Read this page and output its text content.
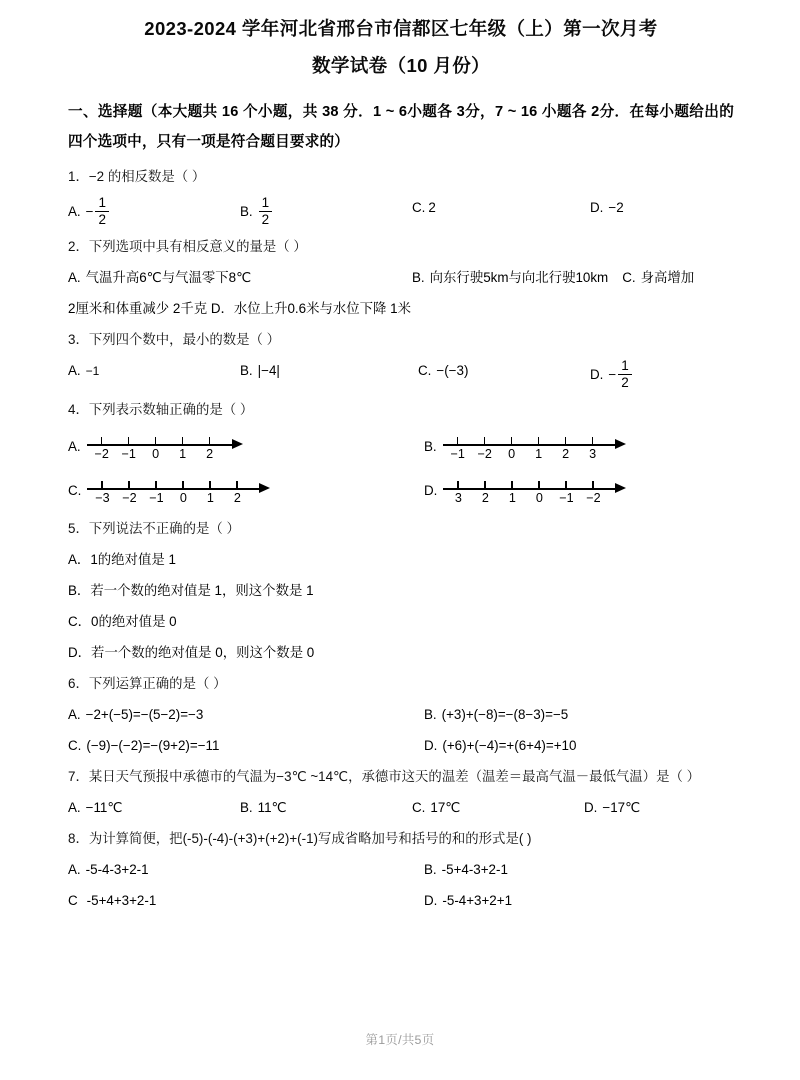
2023-2024 学年河北省邢台市信都区七年级（上）第一次月考
数学试卷（10 月份）
一、选择题（本大题共 16 个小题，共 38 分．1 ~ 6小题各 3分，7 ~ 16 小题各 2分．在每小题给出的四个选项中，只有一项是符合题目要求的）
1．−2 的相反数是（ ）
A. − $\frac{1}{2}$	B. $\frac{1}{2}$	C. 2	D. −2
2．下列选项中具有相反意义的量是（ ）
A. 气温升高6℃与气温零下8℃	B. 向东行驶5km与向北行驶10km C. 身高增加
2厘米和体重减少 2千克 D．水位上升0.6米与水位下降 1米
3．下列四个数中，最小的数是（ ）
A. −1	B. |−4|	C. −(−3)	D. − $\frac{1}{2}$
4．下列表示数轴正确的是（ ）
A. −2 −1 0 1 2	B. −1 −2 0 1 2 3
C. −3 −2 −1 0 1 2	D. 3 2 1 0 −1 −2
5．下列说法不正确的是（ ）
A．1的绝对值是 1
B．若一个数的绝对值是 1，则这个数是 1
C．0的绝对值是 0
D．若一个数的绝对值是 0，则这个数是 0
6．下列运算正确的是（ ）
A. −2+(−5)=−(5−2)=−3	B. (+3)+(−8)=−(8−3)=−5
C. (−9)−(−2)=−(9+2)=−11	D. (+6)+(−4)=+(6+4)=+10
7．某日天气预报中承德市的气温为−3℃ ~14℃，承德市这天的温差（温差＝最高气温－最低气温）是（ ）
A. −11℃	B. 11℃	C. 17℃	D. −17℃
8．为计算简便，把(-5)-(-4)-(+3)+(+2)+(-1)写成省略加号和括号的和的形式是( )
A. -5-4-3+2-1	B. -5+4-3+2-1
C -5+4+3+2-1	D. -5-4+3+2+1
第1页/共5页
